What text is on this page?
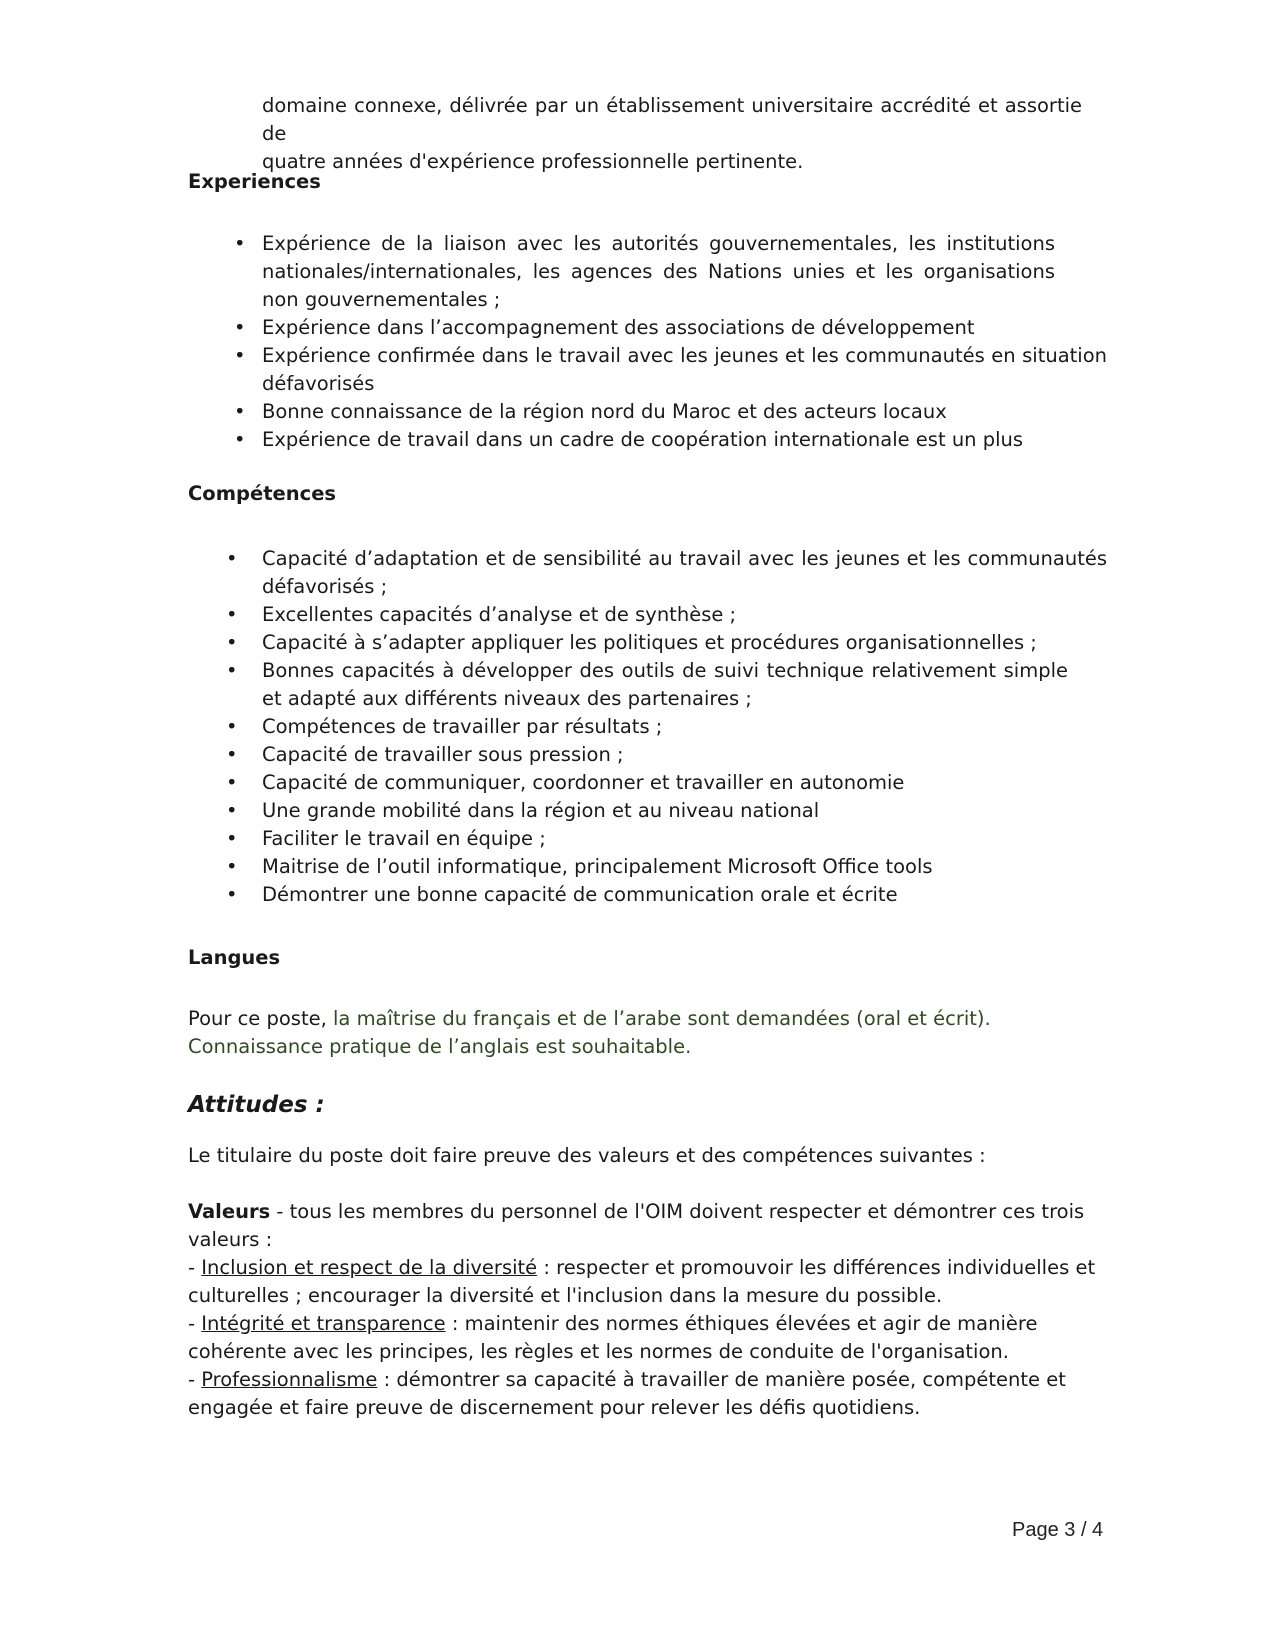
domaine connexe, délivrée par un établissement universitaire accrédité et assortie de
quatre années d'expérience professionnelle pertinente.
Experiences
• Expérience de la liaison avec les autorités gouvernementales, les institutions nationales/internationales, les agences des Nations unies et les organisations non gouvernementales ;
• Expérience dans l’accompagnement des associations de développement
• Expérience confirmée dans le travail avec les jeunes et les communautés en situation défavorisés
• Bonne connaissance de la région nord du Maroc et des acteurs locaux
• Expérience de travail dans un cadre de coopération internationale est un plus
Compétences
• Capacité d’adaptation et de sensibilité au travail avec les jeunes et les communautés défavorisés ;
• Excellentes capacités d’analyse et de synthèse ;
• Capacité à s’adapter appliquer les politiques et procédures organisationnelles ;
• Bonnes capacités à développer des outils de suivi technique relativement simple et adapté aux différents niveaux des partenaires ;
• Compétences de travailler par résultats ;
• Capacité de travailler sous pression ;
• Capacité de communiquer, coordonner et travailler en autonomie
• Une grande mobilité dans la région et au niveau national
• Faciliter le travail en équipe ;
• Maitrise de l’outil informatique, principalement Microsoft Office tools
• Démontrer une bonne capacité de communication orale et écrite
Langues
Pour ce poste, la maîtrise du français et de l’arabe sont demandées (oral et écrit).
Connaissance pratique de l’anglais est souhaitable.
Attitudes :
Le titulaire du poste doit faire preuve des valeurs et des compétences suivantes :
Valeurs - tous les membres du personnel de l'OIM doivent respecter et démontrer ces trois valeurs :
- Inclusion et respect de la diversité : respecter et promouvoir les différences individuelles et culturelles ; encourager la diversité et l'inclusion dans la mesure du possible.
- Intégrité et transparence : maintenir des normes éthiques élevées et agir de manière cohérente avec les principes, les règles et les normes de conduite de l'organisation.
- Professionnalisme : démontrer sa capacité à travailler de manière posée, compétente et engagée et faire preuve de discernement pour relever les défis quotidiens.
Page 3 / 4
